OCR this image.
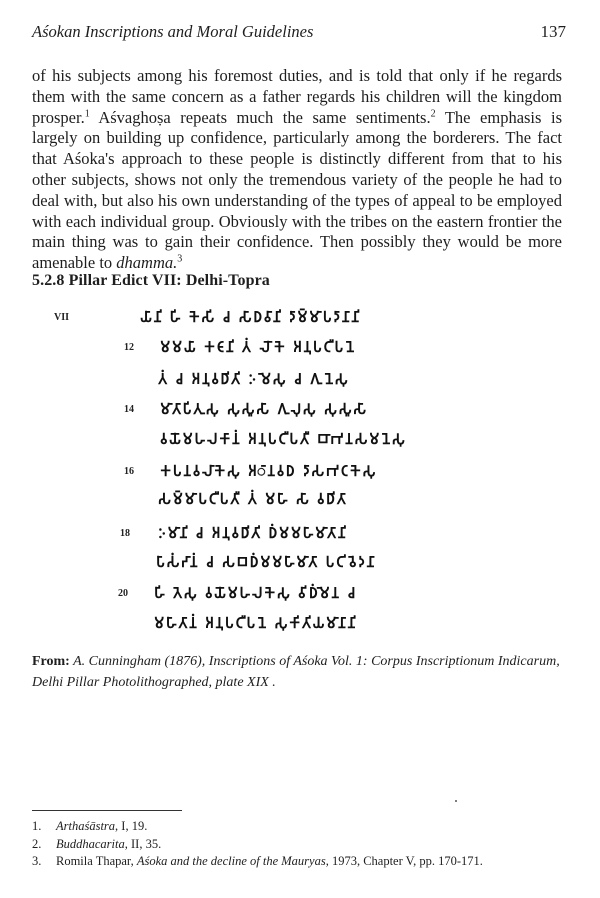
Aśokan Inscriptions and Moral Guidelines	137

of his subjects among his foremost duties, and is told that only if he regards them with the same concern as a father regards his children will the kingdom prosper.$^1$ Aśvaghoṣa repeats much the same sentiments.$^2$ The emphasis is largely on building up confidence, particularly among the borderers. The fact that Aśoka's approach to these people is distinctly different from that to his other subjects, shows not only the tremendous variety of the people he had to deal with, but also his own understanding of the types of appeal to be employed with each individual group. Obviously with the tribes on the eastern frontier the main thing was to gain their confidence. Then possibly they would be more amenable to dhamma.$^3$

5.2.8 Pillar Edict VII: Delhi-Topra
VII	𑀬𑀸𑀦𑀺 𑀳𑀺 𑀓𑁂𑀲𑀺 𑀘 𑀲𑀸𑀥𑀯𑀸𑀦𑀺 𑀤𑀸𑀫𑁆𑀫𑀸𑀧𑀤𑀸𑀦𑀸𑀦𑀺
12 𑀫𑀫𑀬𑀸 𑀓𑀝𑀸𑀦𑀺 𑀢𑀁 𑀮𑁄𑀓𑁂 𑀅𑀦𑀼𑀧𑀝𑀻𑀧𑀦𑁂
𑀢𑀁 𑀘 𑀅𑀦𑀼𑀯𑀥𑀺𑀢𑀺 𑀇𑀫𑁂𑀲𑀼 𑀘 𑀕𑀼𑀦𑁂𑀲𑀼
14 𑀫𑀸𑀢𑀸𑀧𑀺𑀢𑀼𑀲𑀼 𑀲𑀼𑀲𑀽𑀲𑀸 𑀕𑀼𑀮𑀼𑀲𑀼 𑀲𑀼𑀲𑀽𑀲𑀸
𑀯𑀬𑁄𑀫𑀳𑀮𑀓𑀸𑀦𑀁 𑀅𑀦𑀼𑀧𑀝𑀻𑀧𑀢𑀻 𑀩𑀸𑀪𑀦𑀲𑀫𑀦𑁂𑀲𑀼
16 𑀓𑀧𑀦𑀯𑀮𑀸𑀓𑁂𑀲𑀼 𑀅𑀸𑀦𑀯𑀥 𑀤𑀸𑀲𑀪𑀝𑀓𑁂𑀲𑀼
𑀲𑀫𑁆𑀫𑀸𑀧𑀝𑀻𑀧𑀢𑀻 𑀢𑀁 𑀫𑀳𑀸 𑀲𑀸 𑀯𑀥𑀺𑀢𑀸
18 𑀇𑀫𑀸𑀦𑀺 𑀘 𑀅𑀦𑀼𑀯𑀥𑀺𑀢𑀺 𑀥𑀁𑀫𑀫𑀳𑀸𑀫𑀸𑀢𑀸𑀦𑀺
𑀧𑀸𑀲𑀁𑀟𑀸𑀦𑀁 𑀘 𑀲𑀩𑀥𑀁𑀫𑀫𑀳𑀸𑀫𑀸𑀢𑀸 𑀧𑀝𑀺𑀯𑁂𑀤𑀦𑀸
20 𑀳𑀺 𑀢𑁂𑀲𑀼 𑀯𑀬𑁄𑀫𑀳𑀮𑀓𑁂𑀲𑀼 𑀯𑀺𑀥𑀁𑀫𑁂𑀦 𑀘
𑀫𑀳𑀸𑀢𑀸𑀦𑀁 𑀅𑀦𑀼𑀧𑀝𑀻𑀧𑀦𑁂 𑀲𑀼𑀓𑀺𑀢𑀺𑀬𑀫𑀸𑀦𑀸𑀦𑀺
From: A. Cunningham (1876), Inscriptions of Aśoka Vol. 1: Corpus Inscriptionum Indicarum, Delhi Pillar Photolithographed, plate XIX .
1. Arthaśāstra, I, 19.
2. Buddhacarita, II, 35.
3. Romila Thapar, Aśoka and the decline of the Mauryas, 1973, Chapter V, pp. 170-171.
